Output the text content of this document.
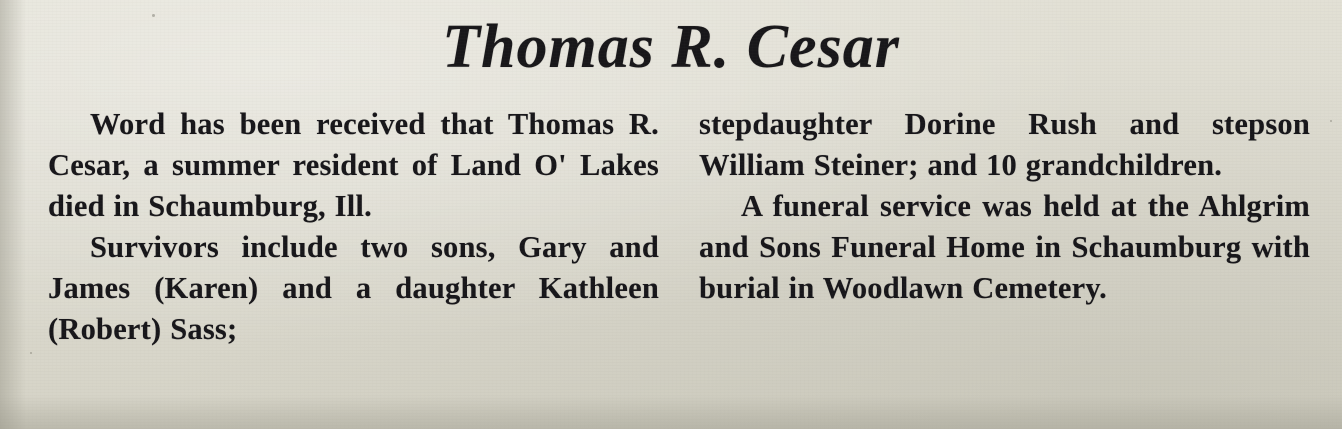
Thomas R. Cesar

Word has been received that Thomas R. Cesar, a summer resident of Land O' Lakes died in Schaumburg, Ill.

Survivors include two sons, Gary and James (Karen) and a daughter Kathleen (Robert) Sass;

stepdaughter Dorine Rush and stepson William Steiner; and 10 grandchildren.

A funeral service was held at the Ahlgrim and Sons Funeral Home in Schaumburg with burial in Woodlawn Cemetery.
